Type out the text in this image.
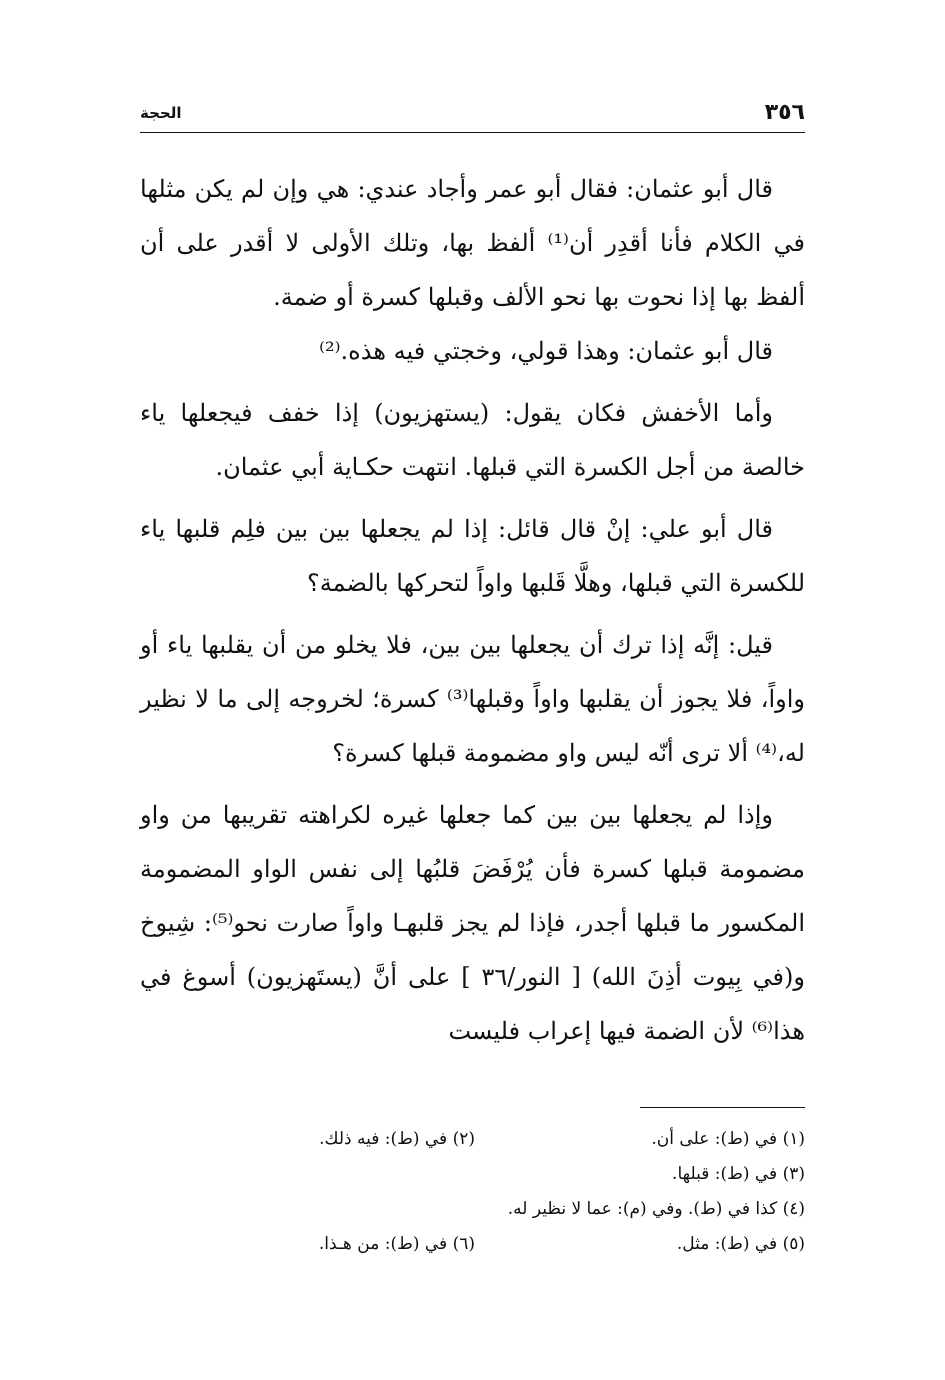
٣٥٦
الحجة

قال أبو عثمان: فقال أبو عمر وأجاد عندي: هي وإن لم يكن مثلها في الكلام فأنا أقدِر أن⁽¹⁾ ألفظ بها، وتلك الأولى لا أقدر على أن ألفظ بها إذا نحوت بها نحو الألف وقبلها كسرة أو ضمة.

قال أبو عثمان: وهذا قولي، وخجتي فيه هذه.⁽²⁾

وأما الأخفش فكان يقول: (يستهزيون) إذا خفف فيجعلها ياء خالصة من أجل الكسرة التي قبلها. انتهت حكـاية أبي عثمان.

قال أبو علي: إنْ قال قائل: إذا لم يجعلها بين بين فلِم قلبها ياء للكسرة التي قبلها، وهلَّا قَلبها واواً لتحركها بالضمة؟

قيل: إنَّه إذا ترك أن يجعلها بين بين، فلا يخلو من أن يقلبها ياء أو واواً، فلا يجوز أن يقلبها واواً وقبلها⁽³⁾ كسرة؛ لخروجه إلى ما لا نظير له،⁽⁴⁾ ألا ترى أنّه ليس واو مضمومة قبلها كسرة؟

وإذا لم يجعلها بين بين كما جعلها غيره لكراهته تقريبها من واو مضمومة قبلها كسرة فأن يُرْفَضَ قلبُها إلى نفس الواو المضمومة المكسور ما قبلها أجدر، فإذا لم يجز قلبهـا واواً صارت نحو⁽⁵⁾: شِيوخ و(في بِيوت أذِنَ الله) [ النور/٣٦ ] على أنَّ (يستَهزيون) أسوغ في هذا⁽⁶⁾ لأن الضمة فيها إعراب فليست

(١) في (ط): على أن.
(٢) في (ط): فيه ذلك.
(٣) في (ط): قبلها.
(٤) كذا في (ط). وفي (م): عما لا نظير له.
(٥) في (ط): مثل.
(٦) في (ط): من هـذا.
